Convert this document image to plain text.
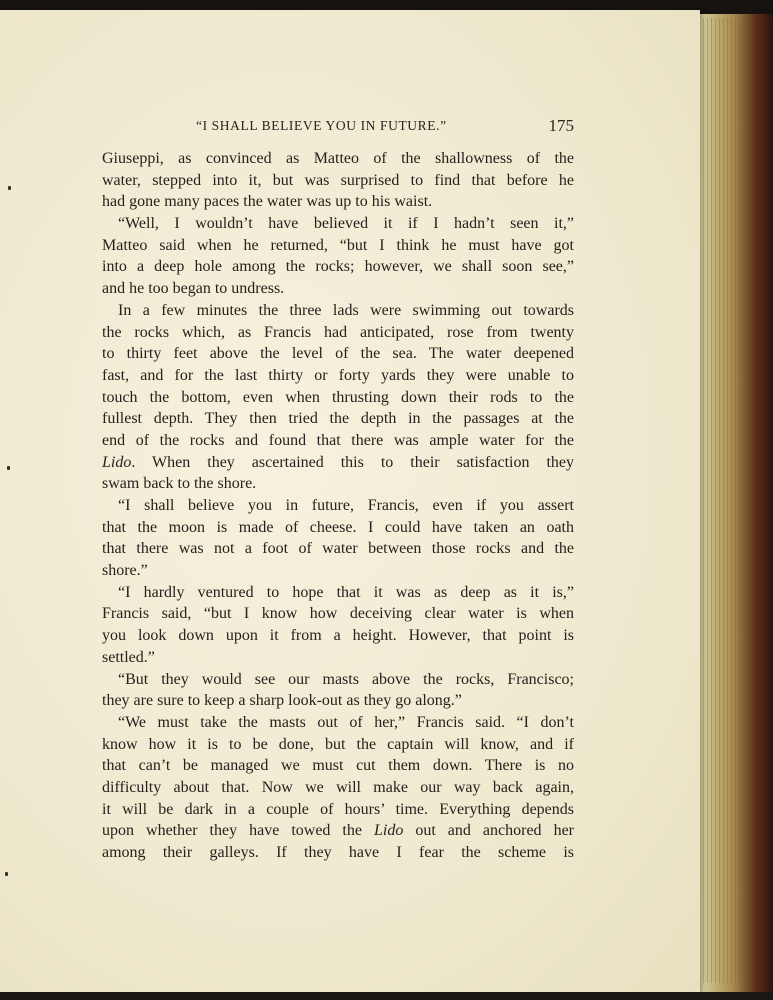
“I SHALL BELIEVE YOU IN FUTURE.”	175
Giuseppi, as convinced as Matteo of the shallowness of the
water, stepped into it, but was surprised to find that before he
had gone many paces the water was up to his waist.
“Well, I wouldn’t have believed it if I hadn’t seen it,”
Matteo said when he returned, “but I think he must have got
into a deep hole among the rocks; however, we shall soon see,”
and he too began to undress.
In a few minutes the three lads were swimming out towards
the rocks which, as Francis had anticipated, rose from twenty
to thirty feet above the level of the sea. The water deepened
fast, and for the last thirty or forty yards they were unable to
touch the bottom, even when thrusting down their rods to the
fullest depth. They then tried the depth in the passages at the
end of the rocks and found that there was ample water for the
Lido. When they ascertained this to their satisfaction they
swam back to the shore.
“I shall believe you in future, Francis, even if you assert
that the moon is made of cheese. I could have taken an oath
that there was not a foot of water between those rocks and the
shore.”
“I hardly ventured to hope that it was as deep as it is,”
Francis said, “but I know how deceiving clear water is when
you look down upon it from a height. However, that point is
settled.”
“But they would see our masts above the rocks, Francisco;
they are sure to keep a sharp look-out as they go along.”
“We must take the masts out of her,” Francis said. “I don’t
know how it is to be done, but the captain will know, and if
that can’t be managed we must cut them down. There is no
difficulty about that. Now we will make our way back again,
it will be dark in a couple of hours’ time. Everything depends
upon whether they have towed the Lido out and anchored her
among their galleys. If they have I fear the scheme is
